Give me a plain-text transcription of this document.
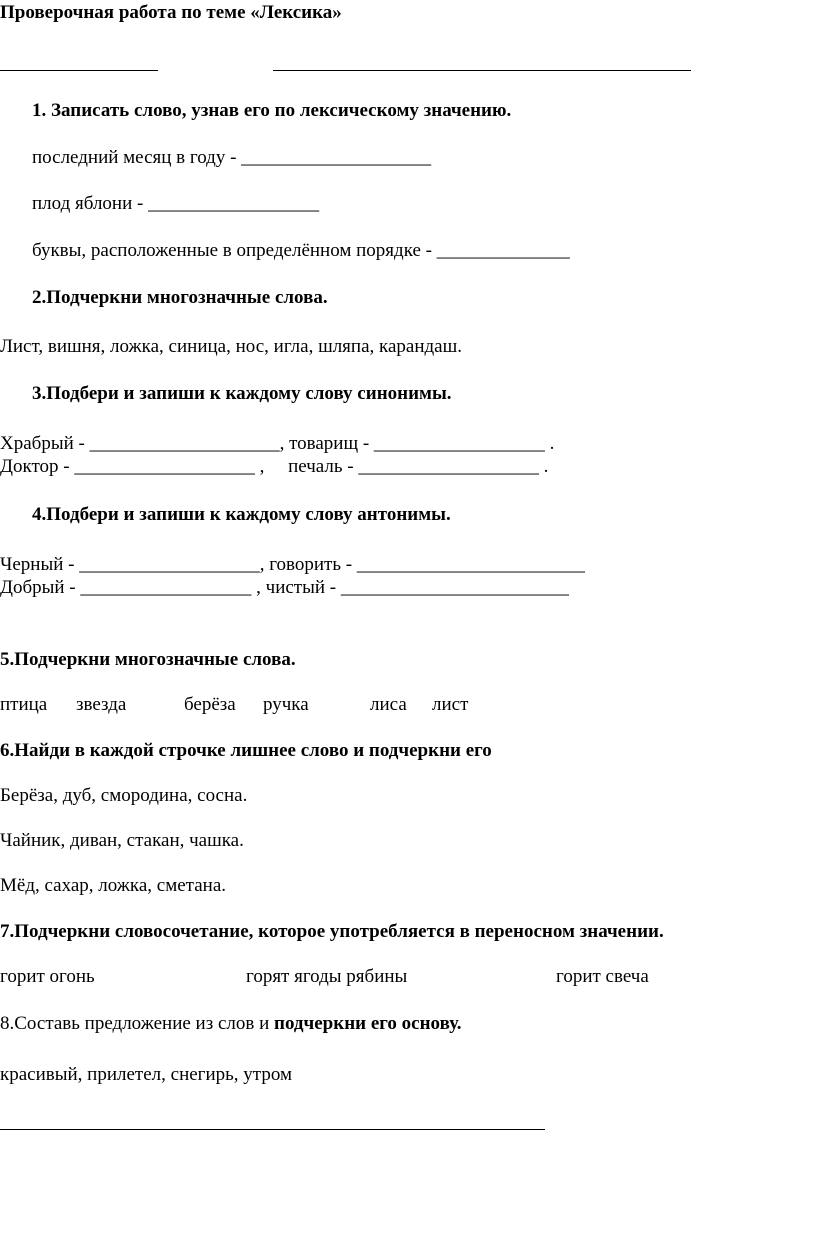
Проверочная работа по теме «Лексика»
1. Записать слово, узнав его по лексическому значению.
последний месяц в году - ____________________
плод яблони - __________________
буквы, расположенные в определённом порядке - ______________
2.Подчеркни многозначные слова.
Лист, вишня, ложка, синица, нос, игла, шляпа, карандаш.
3.Подбери и запиши к каждому слову синонимы.
Храбрый - ____________________, товарищ - __________________ .
Доктор - ___________________ ,     печаль - ___________________ .
4.Подбери и запиши к каждому слову антонимы.
Черный - ___________________, говорить - ________________________
Добрый - __________________ , чистый - ________________________
5.Подчеркни многозначные слова.
птица звезда	берёза ручка	лиса лист
6.Найди в каждой строчке лишнее слово и подчеркни его
Берёза, дуб, смородина, сосна.
Чайник, диван, стакан, чашка.
Мёд, сахар, ложка, сметана.
7.Подчеркни словосочетание, которое употребляется в переносном значении.
горит огонь	горят ягоды рябины	горит свеча
8.Составь предложение из слов и подчеркни его основу.
красивый, прилетел, снегирь, утром
